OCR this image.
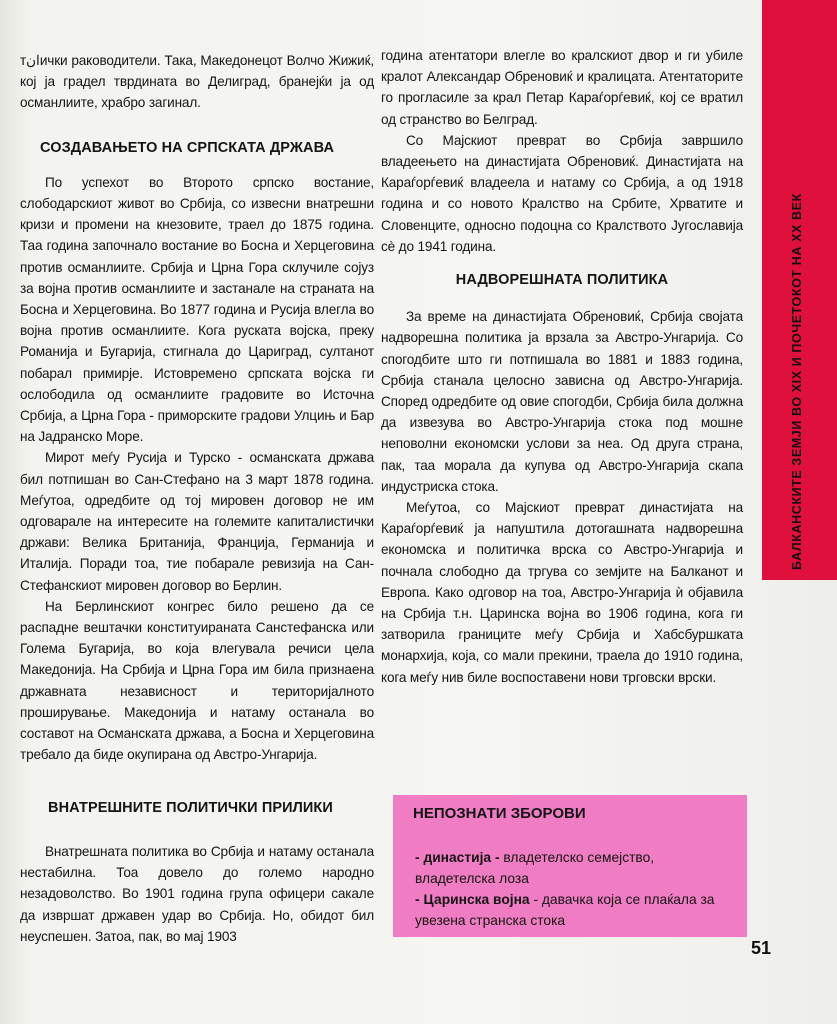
БАЛКАНСКИТЕ ЗЕМЈИ ВО XIX И ПОЧЕТОКОТ НА XX ВЕК

тانички раководители. Така, Македонецот Волчо Жижиќ, кој ја градел тврдината во Делиград, бранејќи ја од османлиите, храбро загинал.

СОЗДАВАЊЕТО НА СРПСКАТА ДРЖАВА

По успехот во Второто српско востание, слободарскиот живот во Србија, со извесни внатрешни кризи и промени на кнезовите, траел до 1875 година. Таа година започнало востание во Босна и Херцеговина против османлиите. Србија и Црна Гора склучиле сојуз за војна против османлиите и застанале на страната на Босна и Херцеговина. Во 1877 година и Русија влегла во војна против османлиите. Кога руската војска, преку Романија и Бугарија, стигнала до Цариград, султанот побарал примирје. Истовремено српската војска ги ослободила од османлиите градовите во Источна Србија, а Црна Гора - приморските градови Улцињ и Бар на Јадранско Море.

Мирот меѓу Русија и Турско - османската држава бил потпишан во Сан-Стефано на 3 март 1878 година. Меѓутоа, одредбите од тој мировен договор не им одговарале на интересите на големите капиталистички држави: Велика Британија, Франција, Германија и Италија. Поради тоа, тие побарале ревизија на Сан-Стефанскиот мировен договор во Берлин.

На Берлинскиот конгрес било решено да се распадне вештачки конституираната Санстефанска или Голема Бугарија, во која влегувала речиси цела Македонија. На Србија и Црна Гора им била признаена државната независност и територијалното проширување. Македонија и натаму останала во составот на Османската држава, а Босна и Херцеговина требало да биде окупирана од Австро-Унгарија.

ВНАТРЕШНИТЕ ПОЛИТИЧКИ ПРИЛИКИ

Внатрешната политика во Србија и натаму останала нестабилна. Тоа довело до големо народно незадоволство. Во 1901 година група офицери сакале да извршат државен удар во Србија. Но, обидот бил неуспешен. Затоа, пак, во мај 1903

година атентатори влегле во кралскиот двор и ги убиле кралот Александар Обреновиќ и кралицата. Атентаторите го прогласиле за крал Петар Караѓорѓевиќ, кој се вратил од странство во Белград.

Со Мајскиот преврат во Србија завршило владеењето на династијата Обреновиќ. Династијата на Караѓорѓевиќ владеела и натаму со Србија, а од 1918 година и со новото Кралство на Србите, Хрватите и Словенците, односно подоцна со Кралството Југославија сè до 1941 година.

НАДВОРЕШНАТА ПОЛИТИКА

За време на династијата Обреновиќ, Србија својата надворешна политика ја врзала за Австро-Унгарија. Со спогодбите што ги потпишала во 1881 и 1883 година, Србија станала целосно зависна од Австро-Унгарија. Според одредбите од овие спогодби, Србија била должна да извезува во Австро-Унгарија стока под мошне неповолни економски услови за неа. Од друга страна, пак, таа морала да купува од Австро-Унгарија скапа индустриска стока.

Меѓутоа, со Мајскиот преврат династијата на Караѓорѓевиќ ја напуштила дотогашната надворешна економска и политичка врска со Австро-Унгарија и почнала слободно да тргува со земјите на Балканот и Европа. Како одговор на тоа, Австро-Унгарија ѝ објавила на Србија т.н. Царинска војна во 1906 година, кога ги затворила границите меѓу Србија и Хабсбуршката монархија, која, со мали прекини, траела до 1910 година, кога меѓу нив биле воспоставени нови трговски врски.

НЕПОЗНАТИ ЗБОРОВИ
- династија - владетелско семејство, владетелска лоза
- Царинска војна - давачка која се плаќала за увезена странска стока
51
